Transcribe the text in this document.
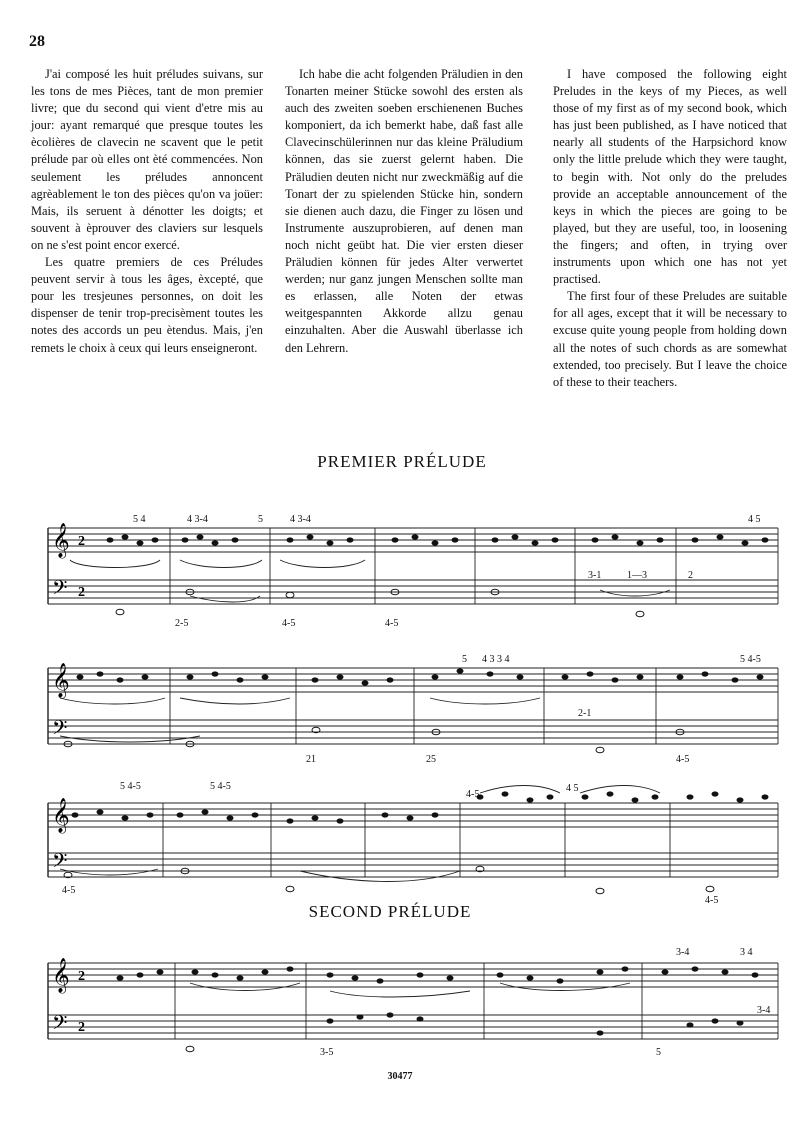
28

J'ai composé les huit préludes suivans, sur les tons de mes Pièces, tant de mon premier livre; que du second qui vient d'etre mis au jour: ayant remarqué que presque toutes les ècolières de clavecin ne scavent que le petit prélude par où elles ont èté commencées. Non seulement les préludes annoncent agrèablement le ton des pièces qu'on va joüer: Mais, ils seruent à dénotter les doigts; et souvent à èprouver des claviers sur lesquels on ne s'est point encor exercé.

Les quatre premiers de ces Préludes peuvent servir à tous les âges, èxcepté, que pour les tresjeunes personnes, on doit les dispenser de tenir trop-precisèment toutes les notes des accords un peu ètendus. Mais, j'en remets le choix à ceux qui leurs enseigneront.

Ich habe die acht folgenden Präludien in den Tonarten meiner Stücke sowohl des ersten als auch des zweiten soeben erschienenen Buches komponiert, da ich bemerkt habe, daß fast alle Clavecinschülerinnen nur das kleine Präludium können, das sie zuerst gelernt haben. Die Präludien deuten nicht nur zweckmäßig auf die Tonart der zu spielenden Stücke hin, sondern sie dienen auch dazu, die Finger zu lösen und Instrumente auszuprobieren, auf denen man noch nicht geübt hat. Die vier ersten dieser Präludien können für jedes Alter verwertet werden; nur ganz jungen Menschen sollte man es erlassen, alle Noten der etwas weitgespannten Akkorde allzu genau einzuhalten. Aber die Auswahl überlasse ich den Lehrern.

I have composed the following eight Preludes in the keys of my Pieces, as well those of my first as of my second book, which has just been published, as I have noticed that nearly all students of the Harpsichord know only the little prelude which they were taught, to begin with. Not only do the preludes provide an acceptable announcement of the keys in which the pieces are going to be played, but they are useful, too, in loosening the fingers; and often, in trying over instruments upon which one has not yet practised.

The first four of these Preludes are suitable for all ages, except that it will be necessary to excuse quite young people from holding down all the notes of such chords as are somewhat extended, too precisely. But I leave the choice of these to their teachers.

PREMIER PRÉLUDE
𝄞
𝄢
2
2
5 4	4 3-4	5	4 3-4	4 5
2-5	4-5	4-5
3-1	1—3	2
𝄞
𝄢
5 4 3 3 4	5 4-5
21	25
2-1
4-5
𝄞
𝄢
5 4-5	5 4-5
4-5
4 5
4-5
4-5
SECOND PRÉLUDE
𝄞
𝄢
2
2
3-4	3 4
3-5	5
3-4
30477
